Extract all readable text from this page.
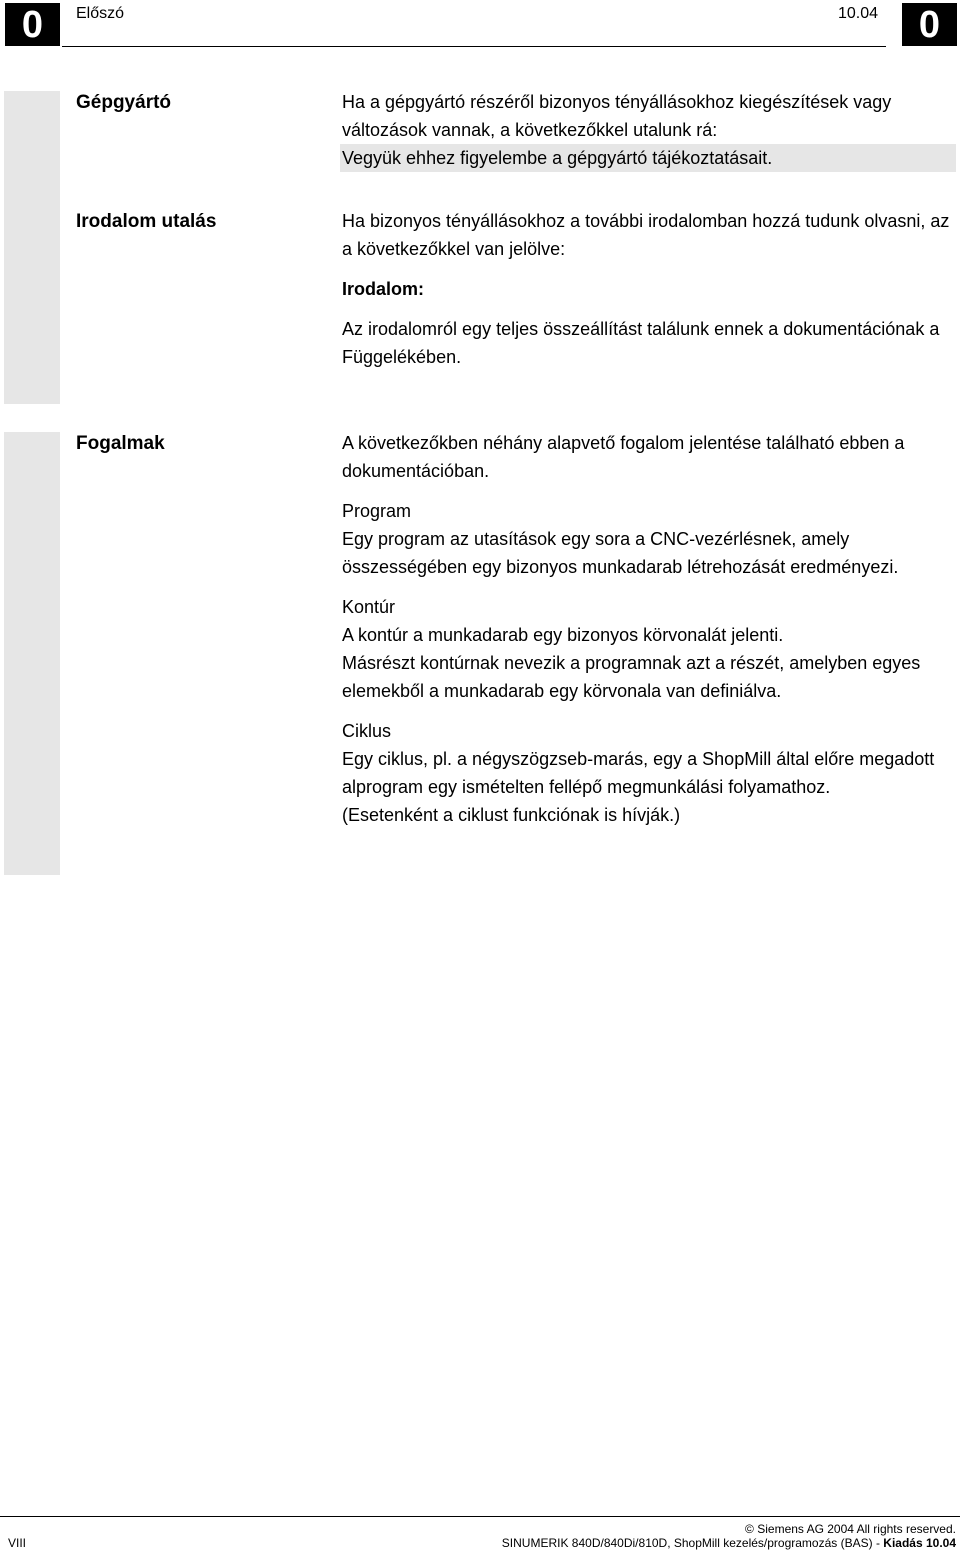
0	Előszó	10.04	0
Gépgyártó	Ha a gépgyártó részéről bizonyos tényállásokhoz kiegészítések vagy változások vannak, a következőkkel utalunk rá:

Vegyük ehhez figyelembe a gépgyártó tájékoztatásait.

Irodalom utalás	Ha bizonyos tényállásokhoz a további irodalomban hozzá tudunk olvasni, az a következőkkel van jelölve:

Irodalom:

Az irodalomról egy teljes összeállítást találunk ennek a dokumentációnak a Függelékében.

Fogalmak	A következőkben néhány alapvető fogalom jelentése található ebben a dokumentációban.

Program

Egy program az utasítások egy sora a CNC-vezérlésnek, amely összességében egy bizonyos munkadarab létrehozását eredményezi.

Kontúr

A kontúr a munkadarab egy bizonyos körvonalát jelenti.

Másrészt kontúrnak nevezik a programnak azt a részét, amelyben egyes elemekből a munkadarab egy körvonala van definiálva.

Ciklus

Egy ciklus, pl. a négyszögzseb-marás, egy a ShopMill által előre megadott alprogram egy ismételten fellépő megmunkálási folyamathoz.

(Esetenként a ciklust funkciónak is hívják.)

© Siemens AG 2004 All rights reserved.
VIII	SINUMERIK 840D/840Di/810D, ShopMill kezelés/programozás (BAS) - Kiadás 10.04
